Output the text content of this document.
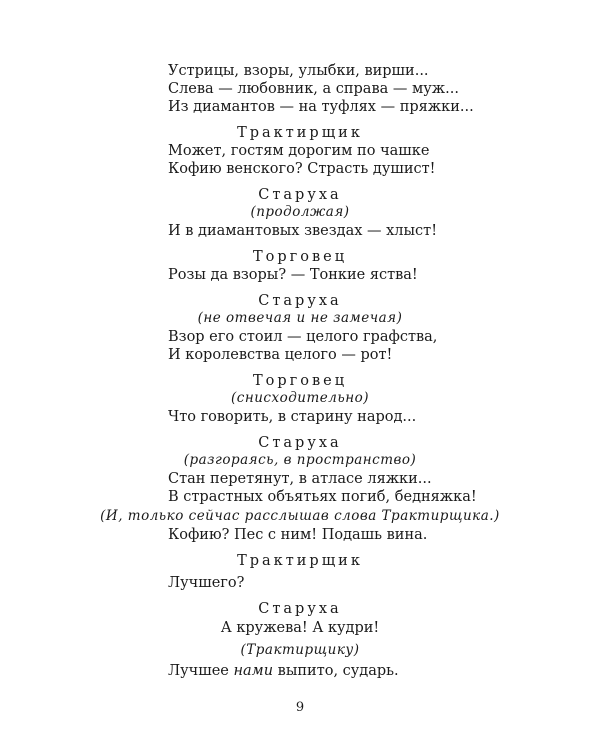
Устрицы, взоры, улыбки, вирши...
Слева — любовник, а справа — муж...
Из диамантов — на туфлях — пряжки...
Трактирщик
Может, гостям дорогим по чашке
Кофию венского? Страсть душист!
Старуха
(продолжая)
И в диамантовых звездах — хлыст!
Торговец
Розы да взоры? — Тонкие яства!
Старуха
(не отвечая и не замечая)
Взор его стоил — целого графства,
И королевства целого — рот!
Торговец
(снисходительно)
Что говорить, в старину народ...
Старуха
(разгораясь, в пространство)
Стан перетянут, в атласе ляжки...
В страстных объятьях погиб, бедняжка!
(И, только сейчас расслышав слова Трактирщика.)
Кофию? Пес с ним! Подашь вина.
Трактирщик
Лучшего?
Старуха
А кружева! А кудри!
(Трактирщику)
Лучшее нами выпито, сударь.
9
